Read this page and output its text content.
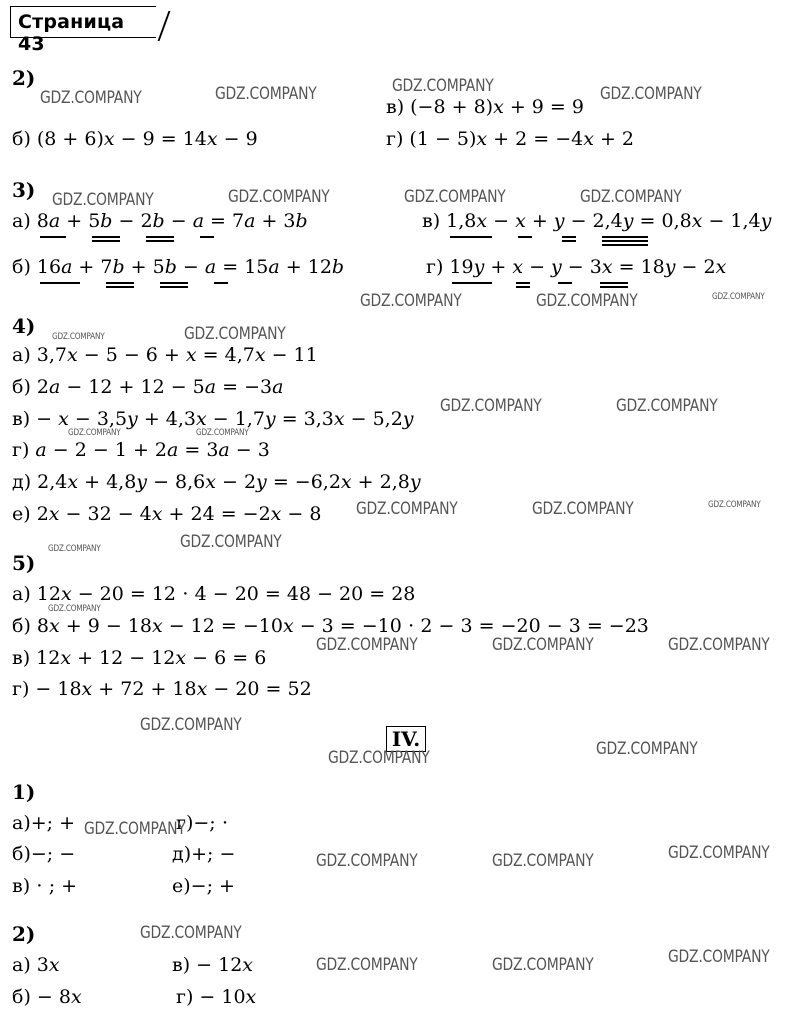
Страница 43
2)
в) (−8 + 8)𝑥 + 9 = 9
б) (8 + 6)𝑥 − 9 = 14𝑥 − 9	г) (1 − 5)𝑥 + 2 = −4𝑥 + 2
3)
а) 8𝑎 + 5𝑏 − 2𝑏 − 𝑎 = 7𝑎 + 3𝑏	в) 1,8𝑥 − 𝑥 + 𝑦 − 2,4𝑦 = 0,8𝑥 − 1,4𝑦
б) 16𝑎 + 7𝑏 + 5𝑏 − 𝑎 = 15𝑎 + 12𝑏	г) 19𝑦 + 𝑥 − 𝑦 − 3𝑥 = 18𝑦 − 2𝑥
4)
а) 3,7𝑥 − 5 − 6 + 𝑥 = 4,7𝑥 − 11
б) 2𝑎 − 12 + 12 − 5𝑎 = −3𝑎
в) − 𝑥 − 3,5𝑦 + 4,3𝑥 − 1,7𝑦 = 3,3𝑥 − 5,2𝑦
г) 𝑎 − 2 − 1 + 2𝑎 = 3𝑎 − 3
д) 2,4𝑥 + 4,8𝑦 − 8,6𝑥 − 2𝑦 = −6,2𝑥 + 2,8𝑦
е) 2𝑥 − 32 − 4𝑥 + 24 = −2𝑥 − 8
5)
а) 12𝑥 − 20 = 12 ⋅ 4 − 20 = 48 − 20 = 28
б) 8𝑥 + 9 − 18𝑥 − 12 = −10𝑥 − 3 = −10 ⋅ 2 − 3 = −20 − 3 = −23
в) 12𝑥 + 12 − 12𝑥 − 6 = 6
г) − 18𝑥 + 72 + 18𝑥 − 20 = 52
IV.
1)
а)+; +	г)−; ⋅
б)−; −	д)+; −
в) ⋅ ; +	е)−; +
2)
а) 3𝑥	в) − 12𝑥
б) − 8𝑥	г) − 10𝑥
GDZ.COMPANY	GDZ.COMPANY	GDZ.COMPANY	GDZ.COMPANY
GDZ.COMPANY	GDZ.COMPANY	GDZ.COMPANY	GDZ.COMPANY
GDZ.COMPANY	GDZ.COMPANY	GDZ.COMPANY
GDZ.COMPANY	GDZ.COMPANY
GDZ.COMPANY	GDZ.COMPANY
GDZ.COMPANY	GDZ.COMPANY
GDZ.COMPANY	GDZ.COMPANY	GDZ.COMPANY
GDZ.COMPANY	GDZ.COMPANY
GDZ.COMPANY
GDZ.COMPANY	GDZ.COMPANY	GDZ.COMPANY
GDZ.COMPANY
GDZ.COMPANY	GDZ.COMPANY
GDZ.COMPANY
GDZ.COMPANY	GDZ.COMPANY	GDZ.COMPANY
GDZ.COMPANY
GDZ.COMPANY	GDZ.COMPANY	GDZ.COMPANY
